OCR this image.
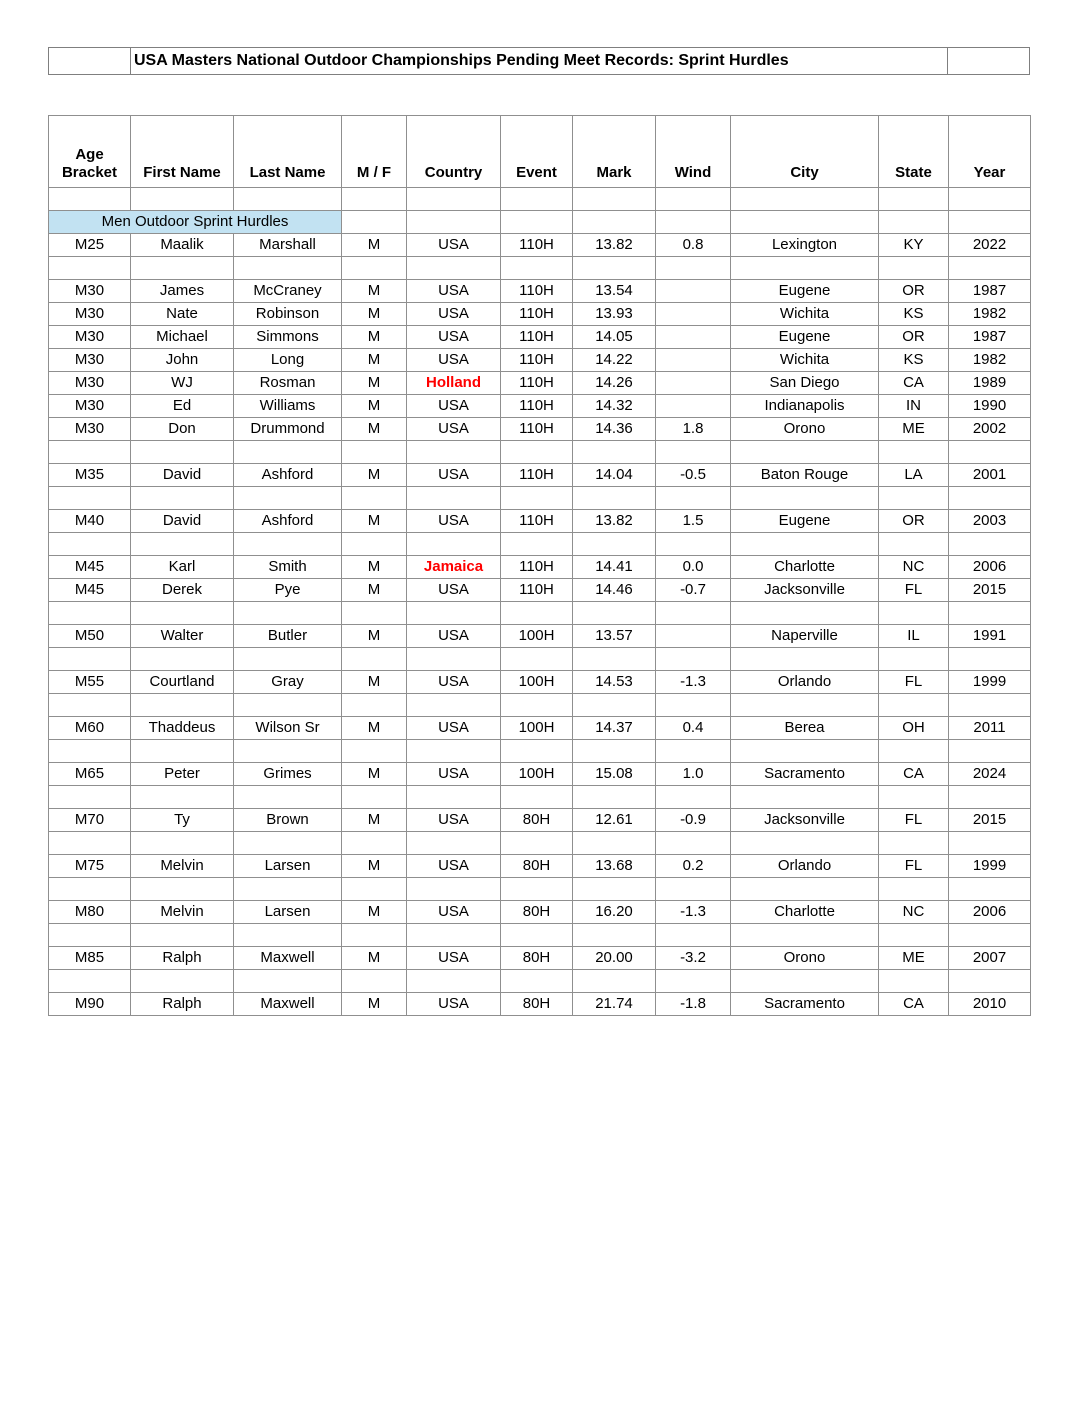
USA Masters National Outdoor Championships Pending Meet Records: Sprint Hurdles
Age Bracket	First Name	Last Name	M / F	Country	Event	Mark	Wind	City	State	Year

Men Outdoor Sprint Hurdles										
M25	Maalik	Marshall	M	USA	110H	13.82	0.8	Lexington	KY	2022

M30	James	McCraney	M	USA	110H	13.54		Eugene	OR	1987
M30	Nate	Robinson	M	USA	110H	13.93		Wichita	KS	1982
M30	Michael	Simmons	M	USA	110H	14.05		Eugene	OR	1987
M30	John	Long	M	USA	110H	14.22		Wichita	KS	1982
M30	WJ	Rosman	M	Holland	110H	14.26		San Diego	CA	1989
M30	Ed	Williams	M	USA	110H	14.32		Indianapolis	IN	1990
M30	Don	Drummond	M	USA	110H	14.36	1.8	Orono	ME	2002

M35	David	Ashford	M	USA	110H	14.04	-0.5	Baton Rouge	LA	2001

M40	David	Ashford	M	USA	110H	13.82	1.5	Eugene	OR	2003

M45	Karl	Smith	M	Jamaica	110H	14.41	0.0	Charlotte	NC	2006
M45	Derek	Pye	M	USA	110H	14.46	-0.7	Jacksonville	FL	2015

M50	Walter	Butler	M	USA	100H	13.57		Naperville	IL	1991

M55	Courtland	Gray	M	USA	100H	14.53	-1.3	Orlando	FL	1999

M60	Thaddeus	Wilson Sr	M	USA	100H	14.37	0.4	Berea	OH	2011

M65	Peter	Grimes	M	USA	100H	15.08	1.0	Sacramento	CA	2024

M70	Ty	Brown	M	USA	80H	12.61	-0.9	Jacksonville	FL	2015

M75	Melvin	Larsen	M	USA	80H	13.68	0.2	Orlando	FL	1999

M80	Melvin	Larsen	M	USA	80H	16.20	-1.3	Charlotte	NC	2006

M85	Ralph	Maxwell	M	USA	80H	20.00	-3.2	Orono	ME	2007

M90	Ralph	Maxwell	M	USA	80H	21.74	-1.8	Sacramento	CA	2010
